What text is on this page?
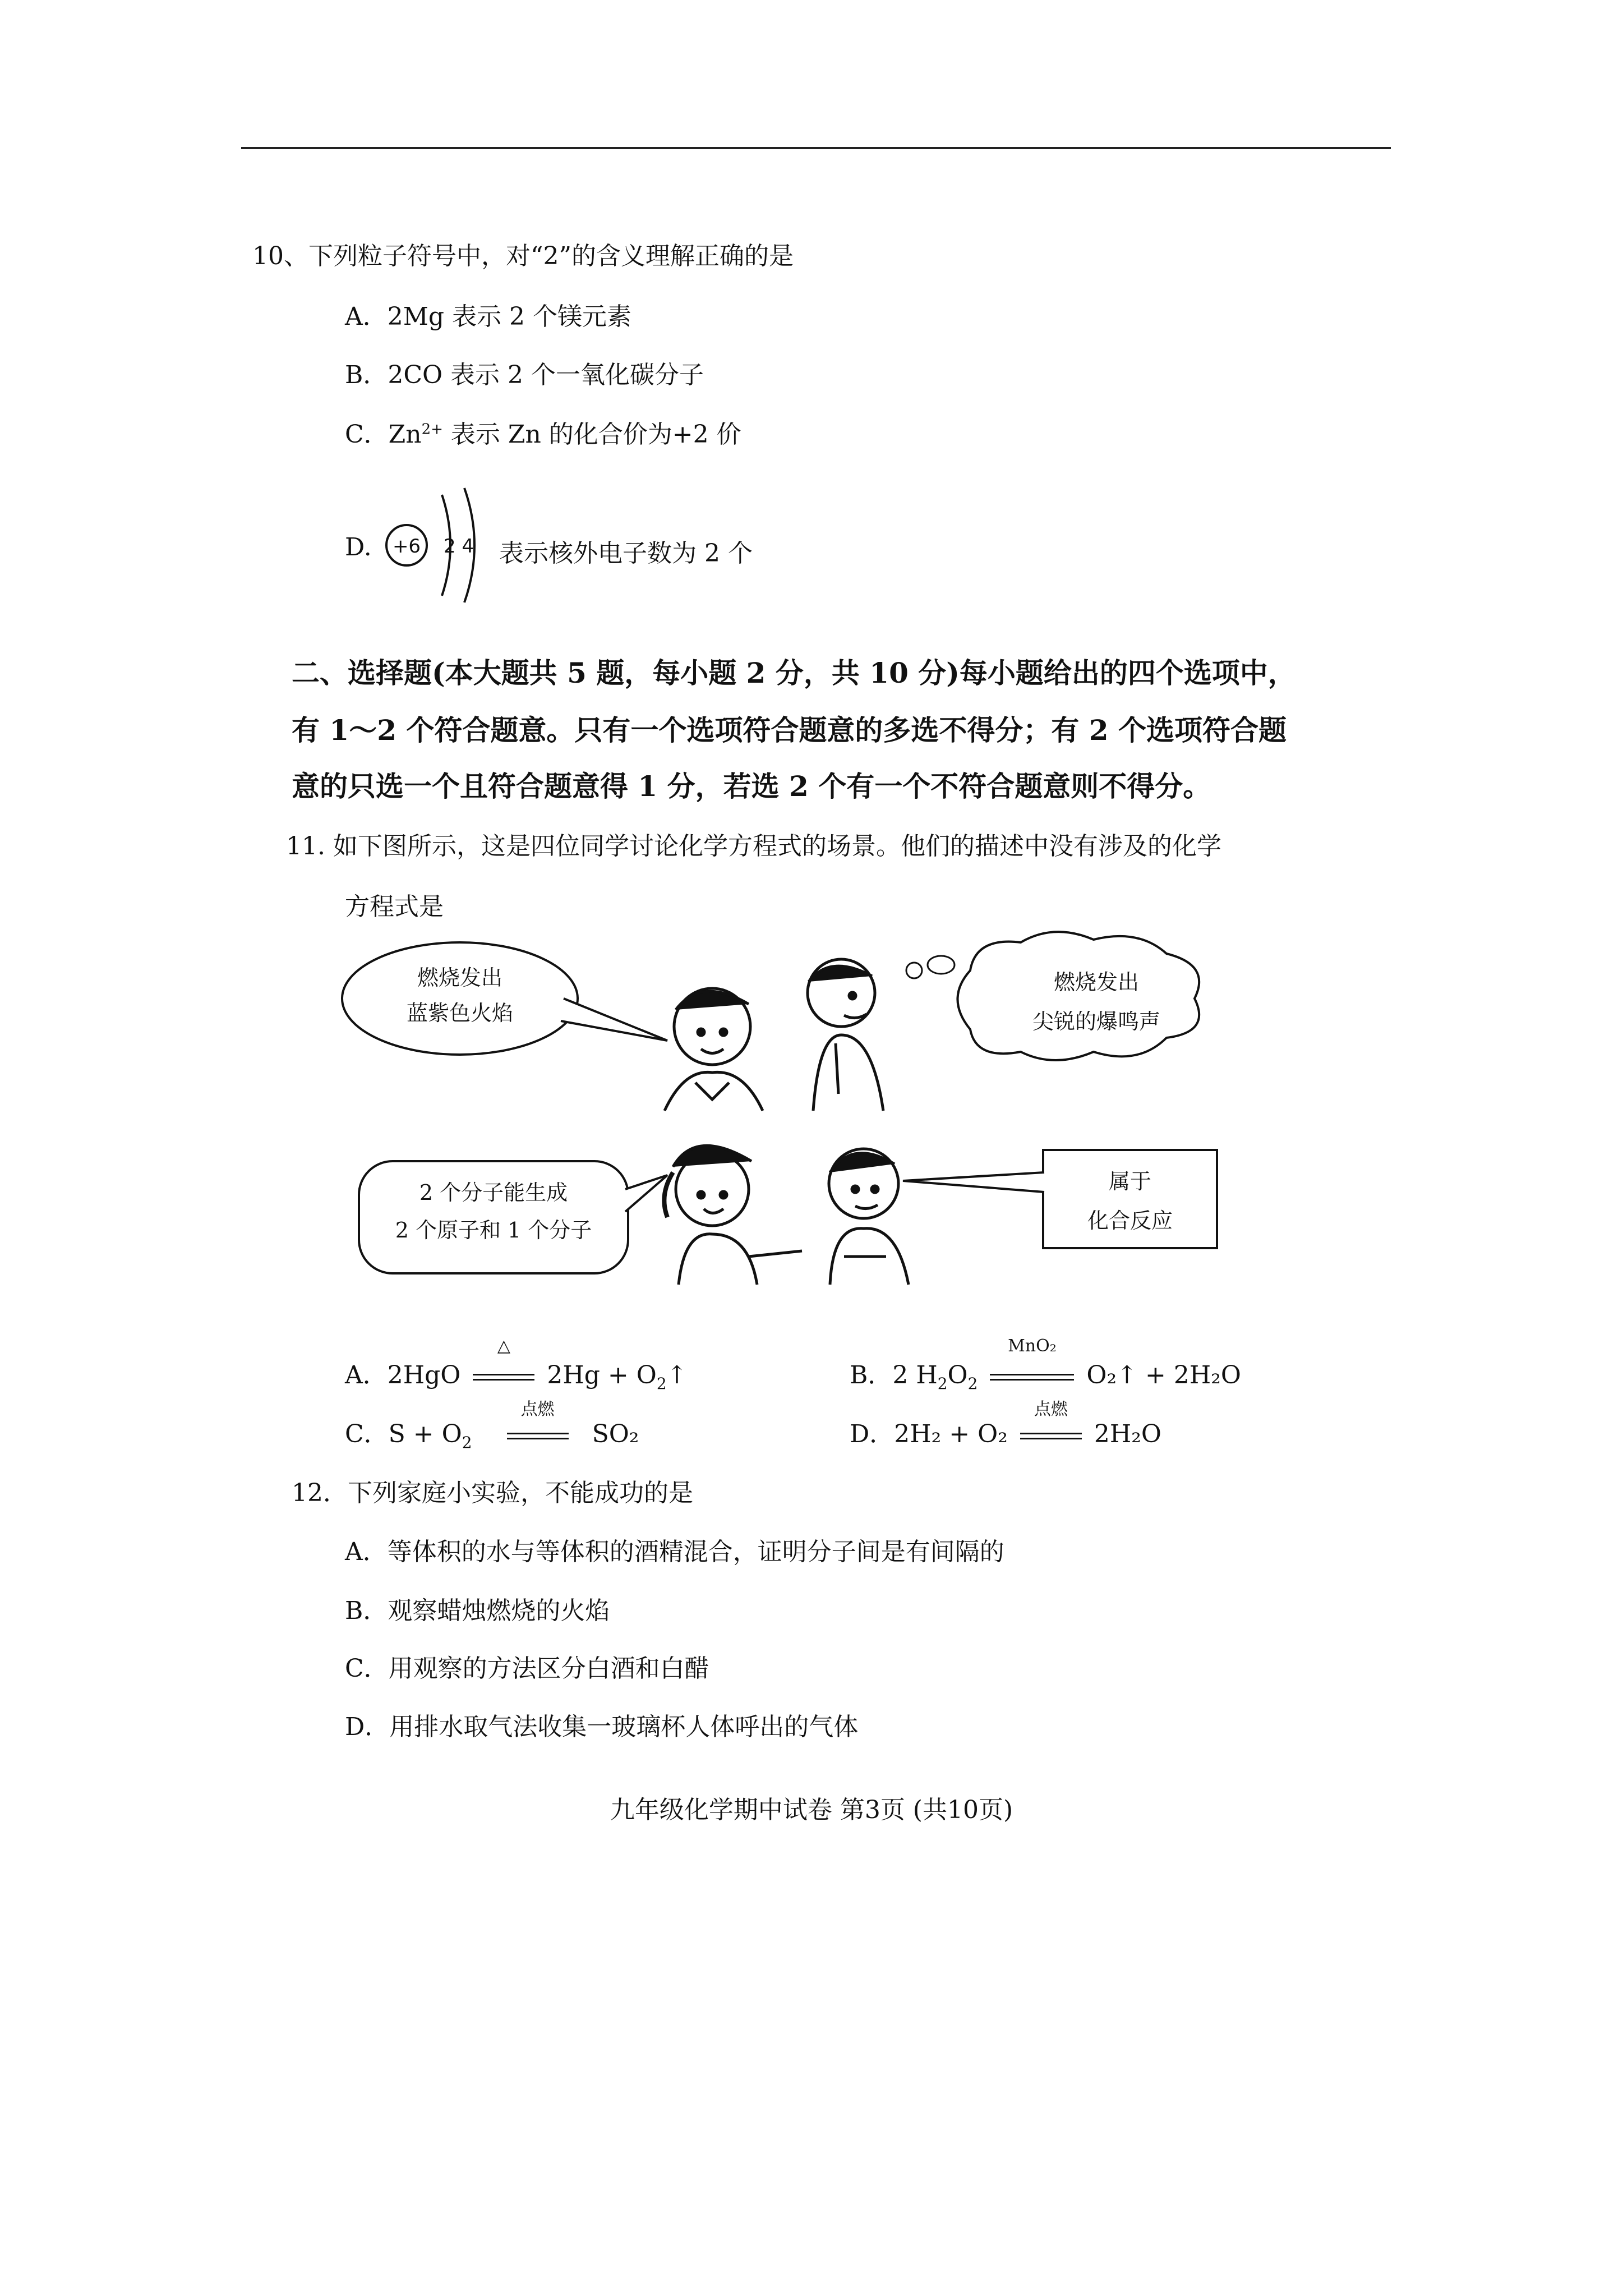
10、下列粒子符号中，对“2”的含义理解正确的是
A．2Mg 表示 2 个镁元素
B．2CO 表示 2 个一氧化碳分子
C．$Zn^{2+}$ 表示 Zn 的化合价为+2 价
D. +6 2 4 表示核外电子数为 2 个
二、选择题(本大题共 5 题，每小题 2 分，共 10 分)每小题给出的四个选项中，
有 1～2 个符合题意。只有一个选项符合题意的多选不得分；有 2 个选项符合题
意的只选一个且符合题意得 1 分，若选 2 个有一个不符合题意则不得分。
11. 如下图所示，这是四位同学讨论化学方程式的场景。他们的描述中没有涉及的化学
方程式是
燃烧发出
蓝紫色火焰
燃烧发出
尖锐的爆鸣声
2 个分子能生成
2 个原子和 1 个分子
属于
化合反应
A．2HgO
△
$2Hg + O_2↑$	B．2 $H_2O_2$
MnO₂
O₂↑ + 2H₂O
C．$S + O_2$
点燃
SO₂	D．2H₂ + O₂
点燃
2H₂O
12．下列家庭小实验，不能成功的是
A．等体积的水与等体积的酒精混合，证明分子间是有间隔的
B．观察蜡烛燃烧的火焰
C．用观察的方法区分白酒和白醋
D．用排水取气法收集一玻璃杯人体呼出的气体
九年级化学期中试卷 第3页 (共10页)
